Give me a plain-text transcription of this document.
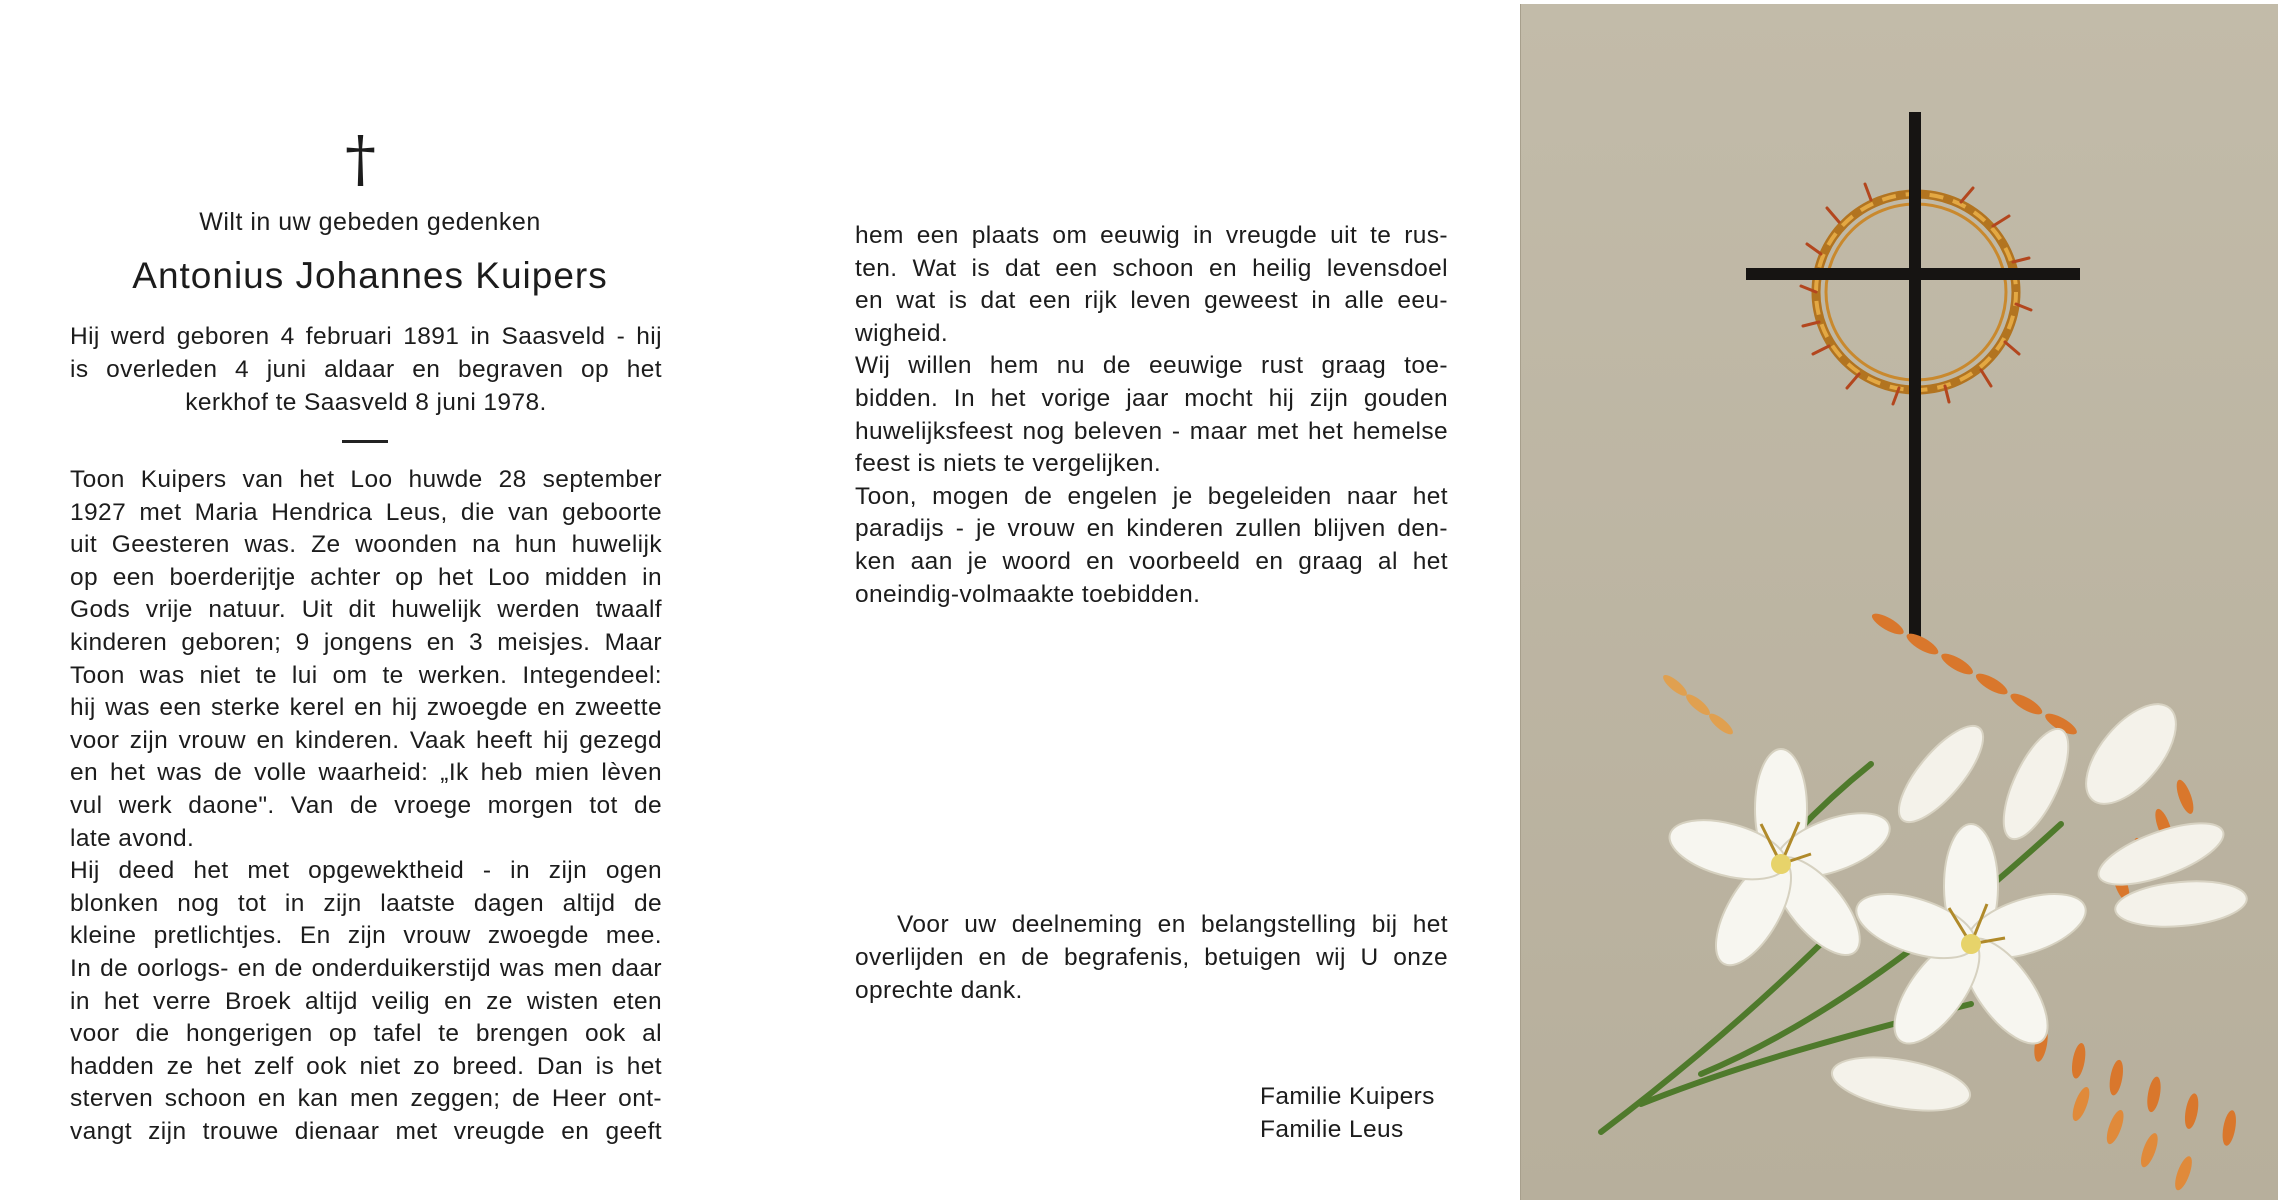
†
Wilt in uw gebeden gedenken
Antonius Johannes Kuipers
Hij werd geboren 4 februari 1891 in Saasveld - hij
is overleden 4 juni aldaar en begraven op het
kerkhof te Saasveld 8 juni 1978.
Toon Kuipers van het Loo huwde 28 september
1927 met Maria Hendrica Leus, die van geboorte
uit Geesteren was. Ze woonden na hun huwelijk
op een boerderijtje achter op het Loo midden in
Gods vrije natuur. Uit dit huwelijk werden twaalf
kinderen geboren; 9 jongens en 3 meisjes. Maar
Toon was niet te lui om te werken. Integendeel:
hij was een sterke kerel en hij zwoegde en zweette
voor zijn vrouw en kinderen. Vaak heeft hij gezegd
en het was de volle waarheid: „Ik heb mien lèven
vul werk daone". Van de vroege morgen tot de
late avond.
Hij deed het met opgewektheid - in zijn ogen
blonken nog tot in zijn laatste dagen altijd de
kleine pretlichtjes. En zijn vrouw zwoegde mee.
In de oorlogs- en de onderduikerstijd was men daar
in het verre Broek altijd veilig en ze wisten eten
voor die hongerigen op tafel te brengen ook al
hadden ze het zelf ook niet zo breed. Dan is het
sterven schoon en kan men zeggen; de Heer ont-
vangt zijn trouwe dienaar met vreugde en geeft
hem een plaats om eeuwig in vreugde uit te rus-
ten. Wat is dat een schoon en heilig levensdoel
en wat is dat een rijk leven geweest in alle eeu-
wigheid.
Wij willen hem nu de eeuwige rust graag toe-
bidden. In het vorige jaar mocht hij zijn gouden
huwelijksfeest nog beleven - maar met het hemelse
feest is niets te vergelijken.
Toon, mogen de engelen je begeleiden naar het
paradijs - je vrouw en kinderen zullen blijven den-
ken aan je woord en voorbeeld en graag al het
oneindig-volmaakte toebidden.
Voor uw deelneming en belangstelling bij het
overlijden en de begrafenis, betuigen wij U onze
oprechte dank.
Familie Kuipers
Familie Leus
